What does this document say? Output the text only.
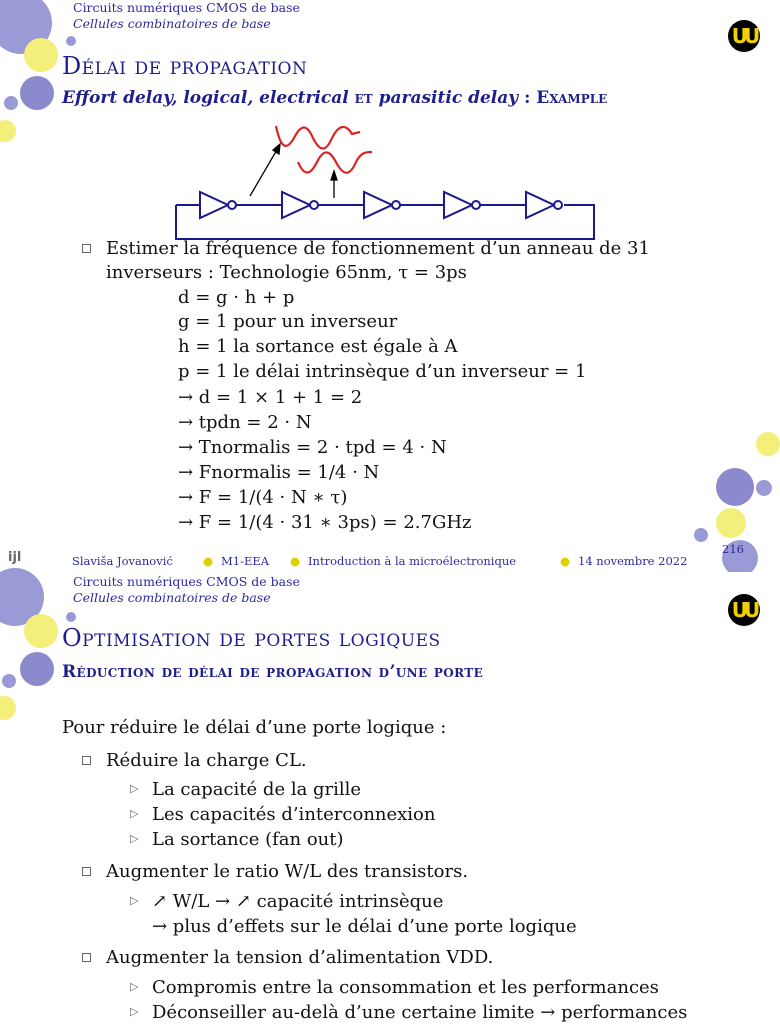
Circuits numériques CMOS de base
Cellules combinatoires de base
UU
Délai de propagation
Effort delay, logical, electrical et parasitic delay : Example
Estimer la fréquence de fonctionnement d’un anneau de 31
inverseurs : Technologie 65nm, τ = 3ps
d = g · h + p
g = 1 pour un inverseur
h = 1 la sortance est égale à A
p = 1 le délai intrinsèque d’un inverseur = 1
→ d = 1 × 1 + 1 = 2
→ tpdn = 2 · N
→ Tnormalis = 2 · tpd = 4 · N
→ Fnormalis = 1/4 · N
→ F = 1/(4 · N ∗ τ)
→ F = 1/(4 · 31 ∗ 3ps) = 2.7GHz
ijl	Slaviša Jovanović	● M1-EEA ● Introduction à la microélectronique	● 14 novembre 2022
216
Circuits numériques CMOS de base
Cellules combinatoires de base
UU
Optimisation de portes logiques
Réduction de délai de propagation d’une porte
Pour réduire le délai d’une porte logique :
Réduire la charge CL.
▷ La capacité de la grille
▷ Les capacités d’interconnexion
▷ La sortance (fan out)
Augmenter le ratio W/L des transistors.
▷ ↗ W/L → ↗ capacité intrinsèque
→ plus d’effets sur le délai d’une porte logique
Augmenter la tension d’alimentation VDD.
▷ Compromis entre la consommation et les performances
▷ Déconseiller au-delà d’une certaine limite → performances
